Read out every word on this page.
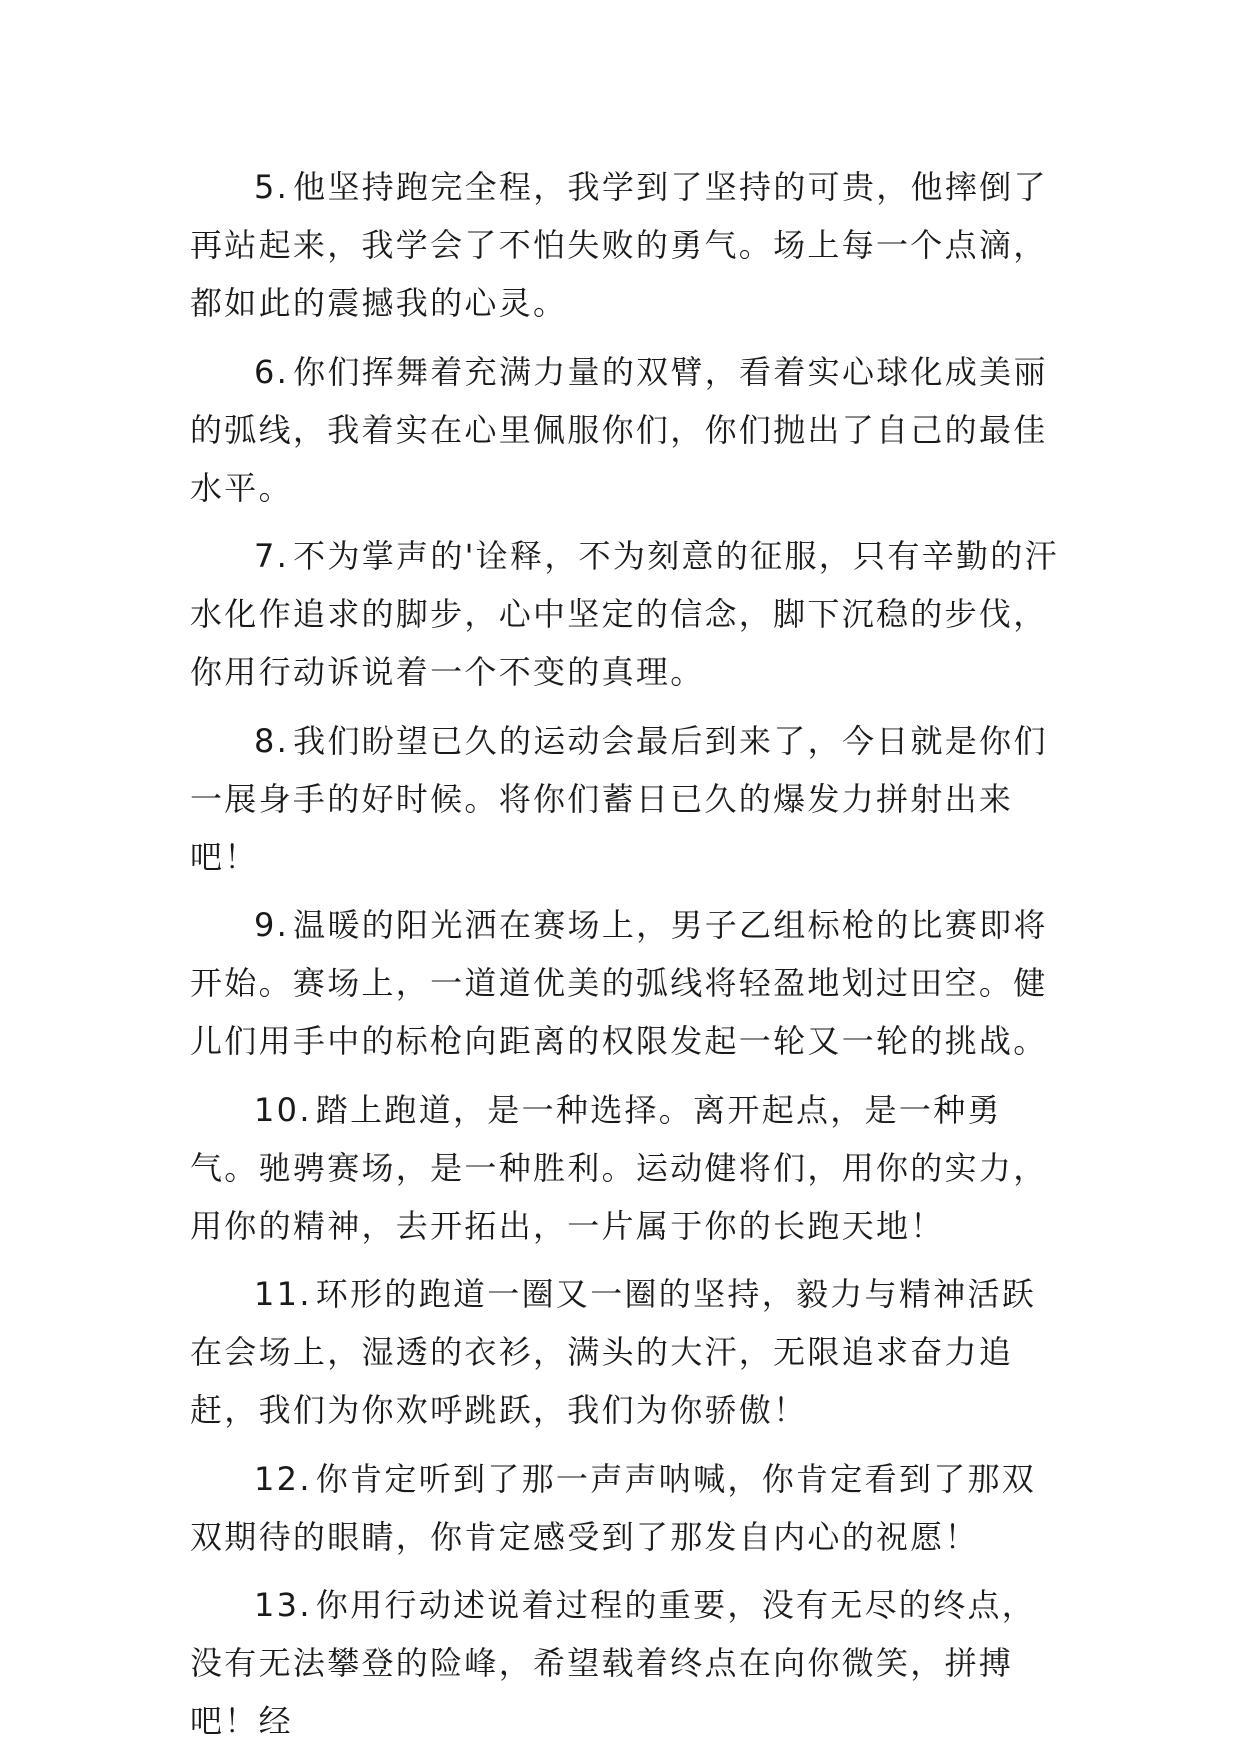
5. 他坚持跑完全程，我学到了坚持的可贵，他摔倒了再站起来，我学会了不怕失败的勇气。场上每一个点滴，都如此的震撼我的心灵。

6. 你们挥舞着充满力量的双臂，看着实心球化成美丽的弧线，我着实在心里佩服你们，你们抛出了自己的最佳水平。

7. 不为掌声的'诠释，不为刻意的征服，只有辛勤的汗水化作追求的脚步，心中坚定的信念，脚下沉稳的步伐，你用行动诉说着一个不变的真理。

8. 我们盼望已久的运动会最后到来了，今日就是你们一展身手的好时候。将你们蓄日已久的爆发力拼射出来吧！

9. 温暖的阳光洒在赛场上，男子乙组标枪的比赛即将开始。赛场上，一道道优美的弧线将轻盈地划过田空。健儿们用手中的标枪向距离的权限发起一轮又一轮的挑战。

10. 踏上跑道，是一种选择。离开起点，是一种勇气。驰骋赛场，是一种胜利。运动健将们，用你的实力，用你的精神，去开拓出，一片属于你的长跑天地！

11. 环形的跑道一圈又一圈的坚持，毅力与精神活跃在会场上，湿透的衣衫，满头的大汗，无限追求奋力追赶，我们为你欢呼跳跃，我们为你骄傲！

12. 你肯定听到了那一声声呐喊，你肯定看到了那双双期待的眼睛，你肯定感受到了那发自内心的祝愿！

13. 你用行动述说着过程的重要，没有无尽的终点，没有无法攀登的险峰，希望载着终点在向你微笑，拼搏吧！经
